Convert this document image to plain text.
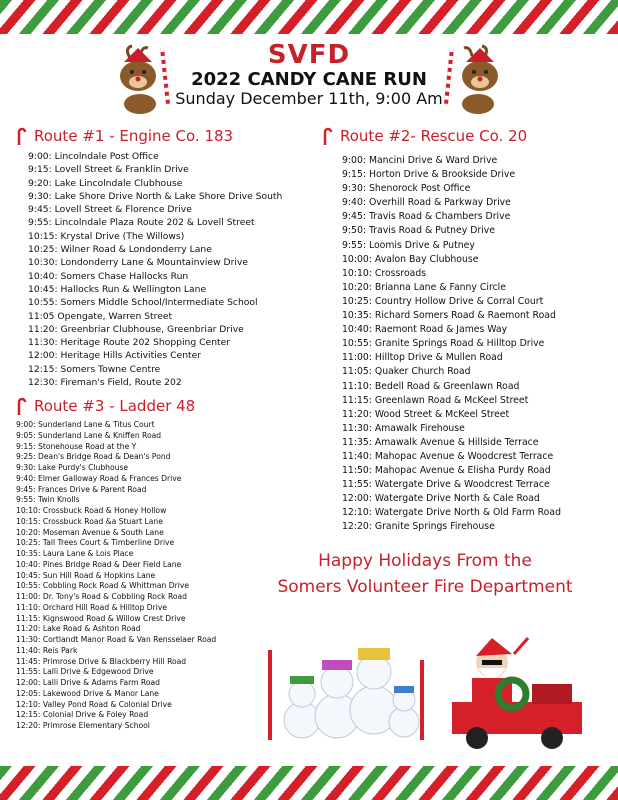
SVFD
2022 CANDY CANE RUN
Sunday December 11th, 9:00 Am
Route #1 - Engine Co. 183
9:00: Lincolndale Post Office
9:15: Lovell Street & Franklin Drive
9:20: Lake Lincolndale Clubhouse
9:30: Lake Shore Drive North & Lake Shore Drive South
9:45: Lovell Street & Florence Drive
9:55: Lincolndale Plaza Route 202 & Lovell Street
10:15: Krystal Drive (The Willows)
10:25: Wilner Road & Londonderry Lane
10:30: Londonderry Lane & Mountainview Drive
10:40: Somers Chase Hallocks Run
10:45: Hallocks Run & Wellington Lane
10:55: Somers Middle School/Intermediate School
11:05 Opengate, Warren Street
11:20: Greenbriar Clubhouse, Greenbriar Drive
11:30: Heritage Route 202 Shopping Center
12:00: Heritage Hills Activities Center
12:15: Somers Towne Centre
12:30: Fireman's Field, Route 202
Route #2- Rescue Co. 20
9:00: Mancini Drive & Ward Drive
9:15: Horton Drive & Brookside Drive
9:30: Shenorock Post Office
9:40: Overhill Road & Parkway Drive
9:45: Travis Road & Chambers Drive
9:50: Travis Road & Putney Drive
9:55: Loomis Drive & Putney
10:00: Avalon Bay Clubhouse
10:10: Crossroads
10:20: Brianna Lane & Fanny Circle
10:25: Country Hollow Drive & Corral Court
10:35: Richard Somers Road & Raemont Road
10:40: Raemont Road & James Way
10:55: Granite Springs Road & Hilltop Drive
11:00: Hilltop Drive & Mullen Road
11:05: Quaker Church Road
11:10: Bedell Road & Greenlawn Road
11:15: Greenlawn Road & McKeel Street
11:20: Wood Street & McKeel Street
11:30: Amawalk Firehouse
11:35: Amawalk Avenue & Hillside Terrace
11:40: Mahopac Avenue & Woodcrest Terrace
11:50: Mahopac Avenue & Elisha Purdy Road
11:55: Watergate Drive & Woodcrest Terrace
12:00: Watergate Drive North & Cale Road
12:10: Watergate Drive North & Old Farm Road
12:20: Granite Springs Firehouse
Route #3 - Ladder 48
9:00: Sunderland Lane & Titus Court
9:05: Sunderland Lane & Kniffen Road
9:15: Stonehouse Road at the Y
9:25: Dean's Bridge Road & Dean's Pond
9:30: Lake Purdy's Clubhouse
9:40: Elmer Galloway Road & Frances Drive
9:45: Frances Drive & Parent Road
9:55: Twin Knolls
10:10: Crossbuck Road & Honey Hollow
10:15: Crossbuck Road &a Stuart Lane
10:20: Moseman Avenue & South Lane
10:25: Tall Trees Court & Timberline Drive
10:35: Laura Lane & Lois Place
10:40: Pines Bridge Road & Deer Field Lane
10:45: Sun Hill Road & Hopkins Lane
10:55: Cobbling Rock Road & Whittman Drive
11:00: Dr. Tony's Road & Cobbling Rock Road
11:10: Orchard Hill Road & Hilltop Drive
11:15: Kignswood Road & Willow Crest Drive
11:20: Lake Road & Ashton Road
11:30: Cortlandt Manor Road & Van Rensselaer Road
11:40: Reis Park
11:45: Primrose Drive & Blackberry Hill Road
11:55: Lalli Drive & Edgewood Drive
12:00: Lalli Drive & Adams Farm Road
12:05: Lakewood Drive & Manor Lane
12:10: Valley Pond Road & Colonial Drive
12:15: Colonial Drive & Foley Road
12:20: Primrose Elementary School
Happy Holidays From the
Somers Volunteer Fire Department
